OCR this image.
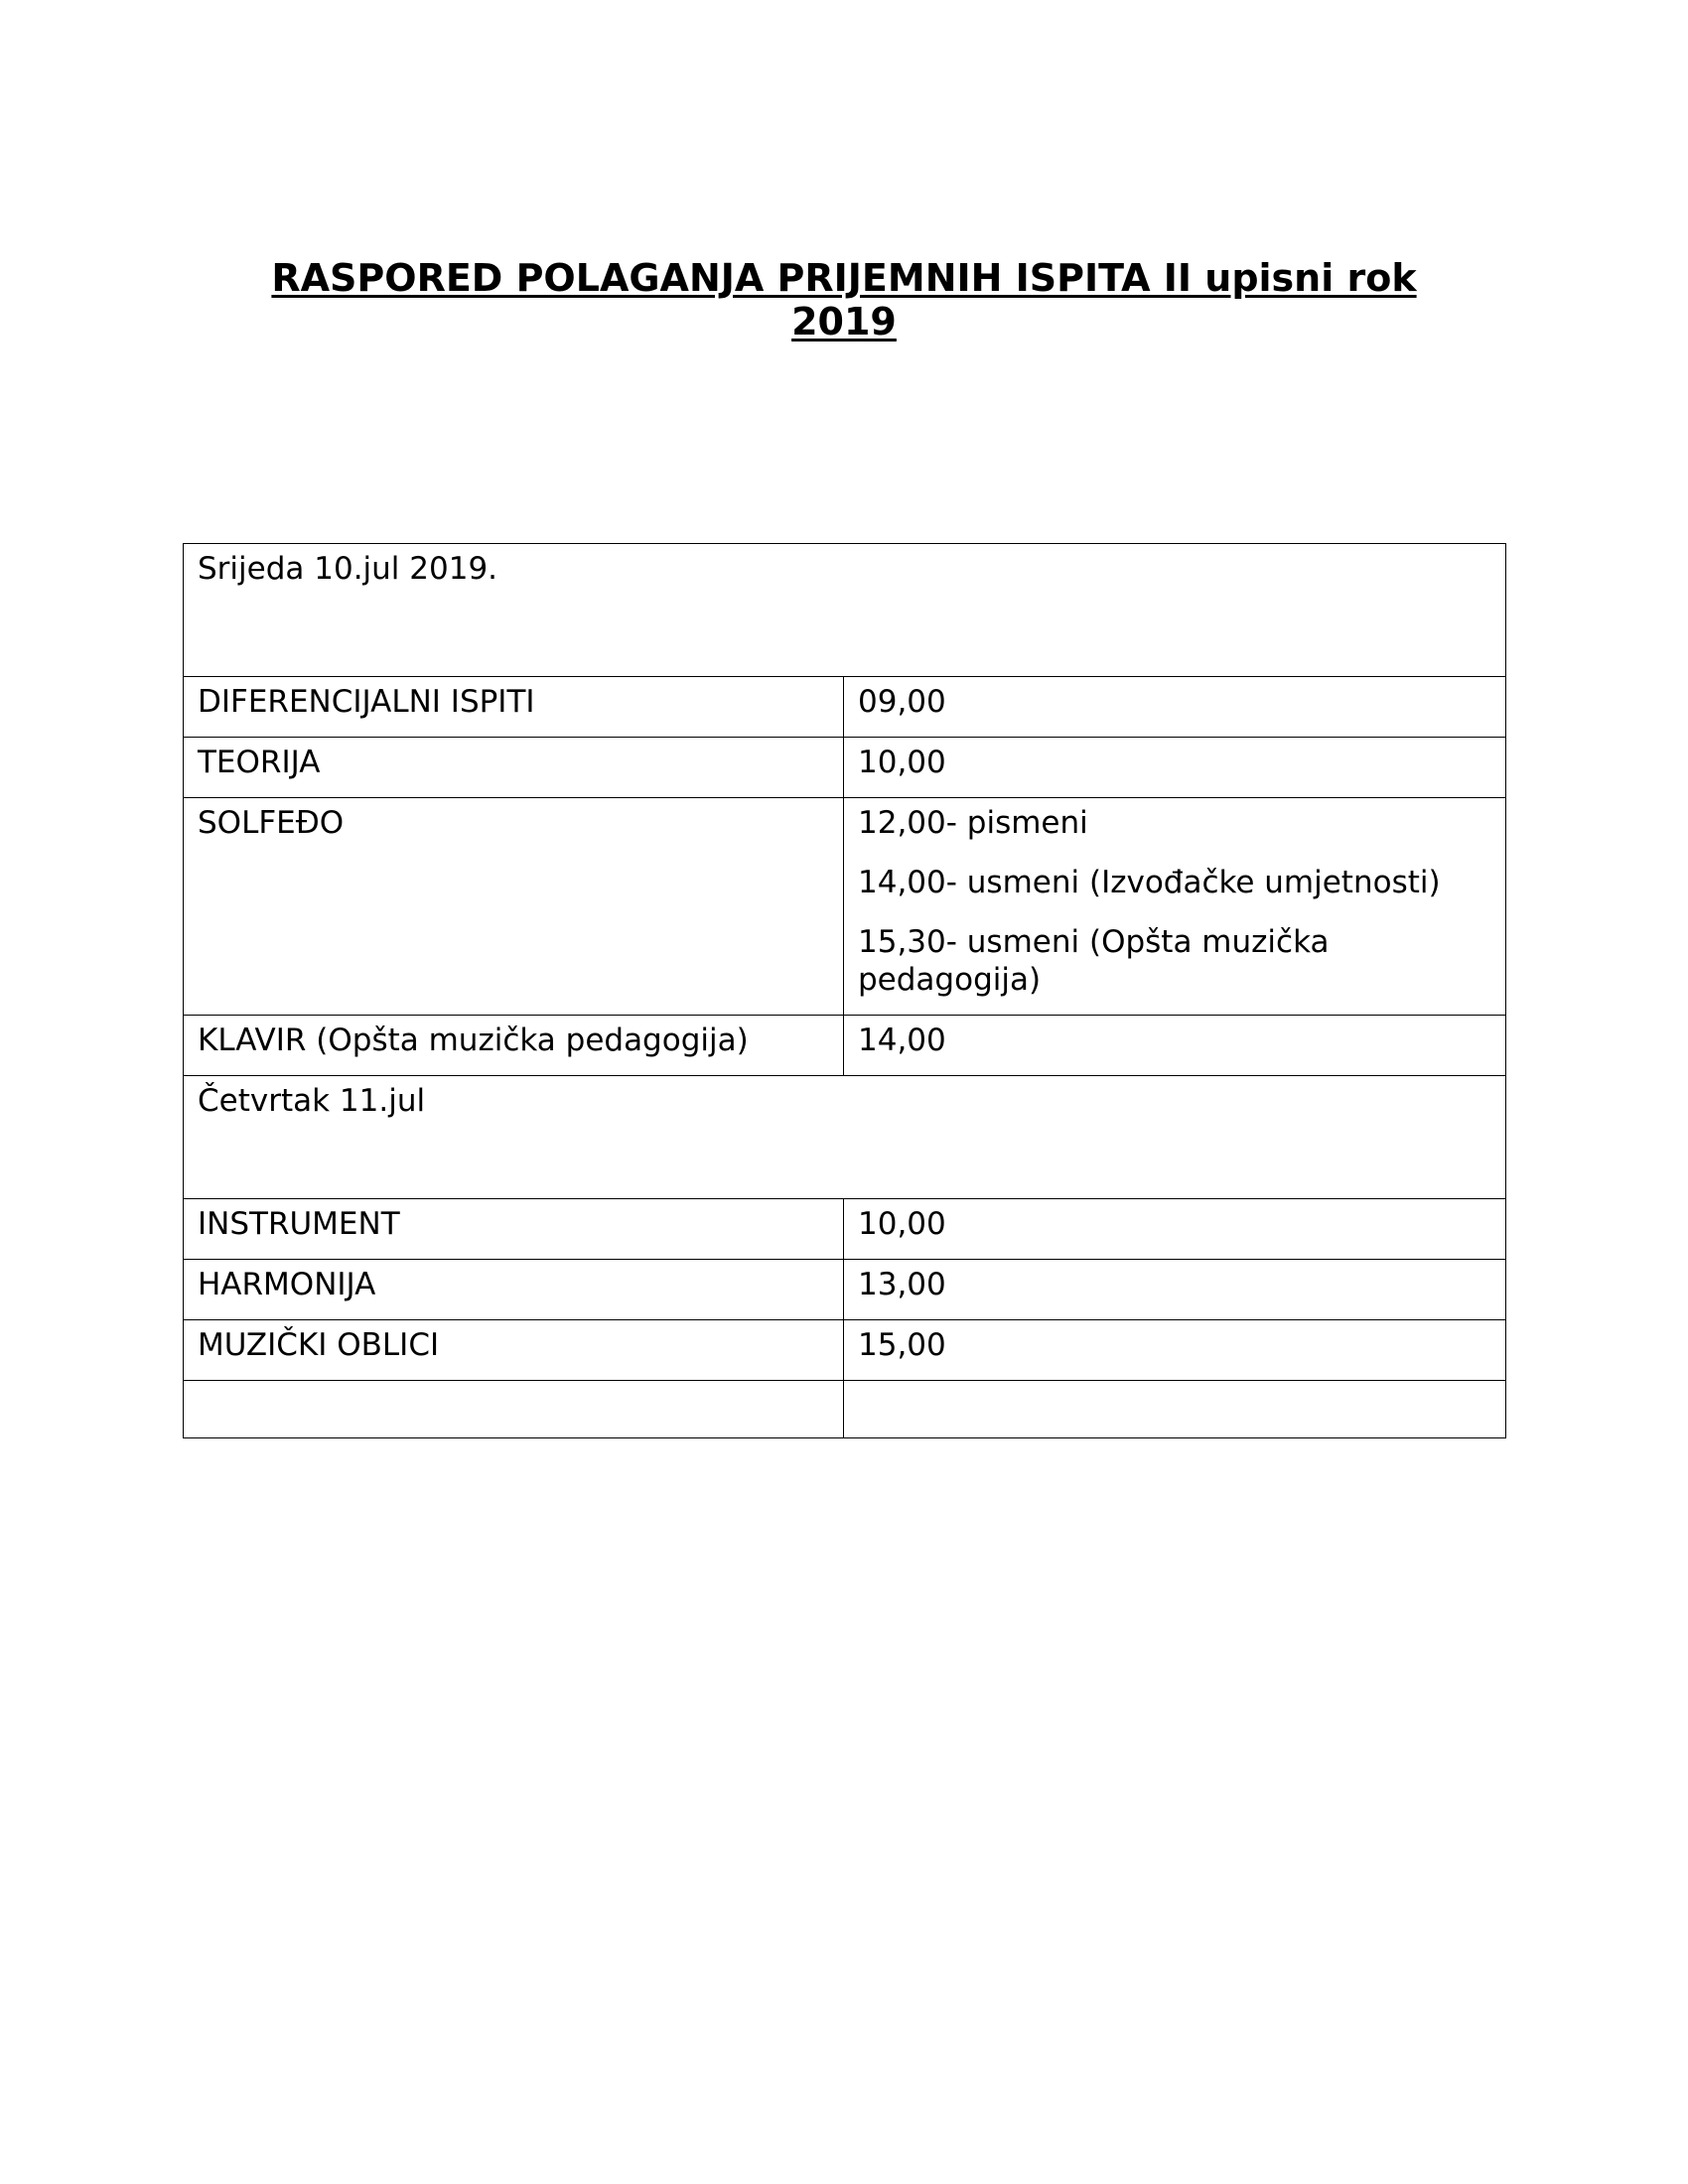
RASPORED POLAGANJA PRIJEMNIH ISPITA II upisni rok 2019
Srijeda 10.jul 2019.	
DIFERENCIJALNI ISPITI	09,00
TEORIJA	10,00
SOLFEĐO	12,00- pismeni

14,00- usmeni (Izvođačke umjetnosti)

15,30- usmeni (Opšta muzička pedagogija)

KLAVIR (Opšta muzička pedagogija)	14,00
Četvrtak 11.jul	
INSTRUMENT	10,00
HARMONIJA	13,00
MUZIČKI OBLICI	15,00
